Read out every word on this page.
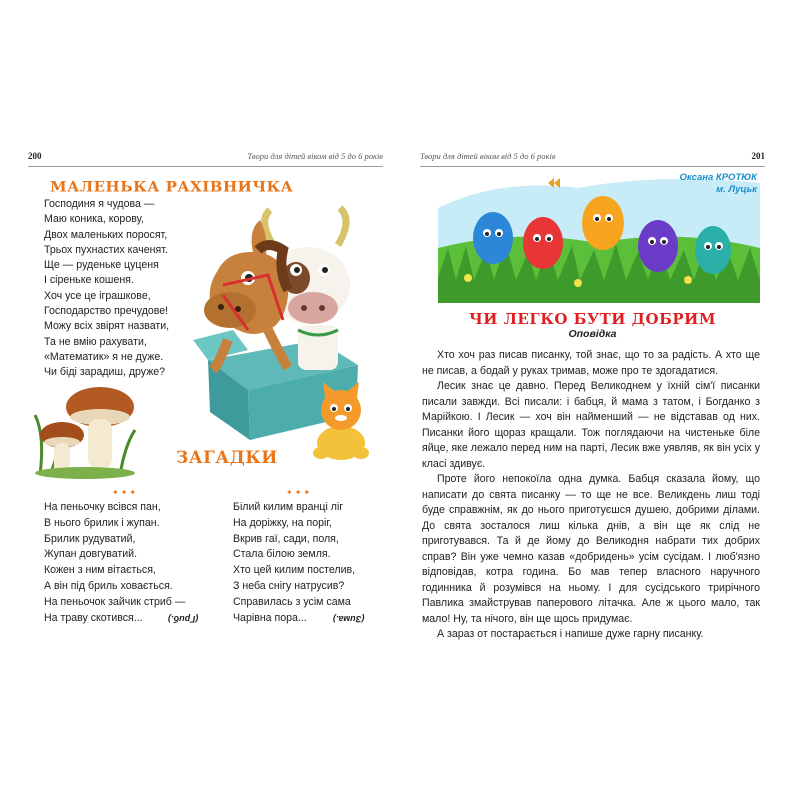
200	Твори для дітей віком від 5 до 6 років
МАЛЕНЬКА РАХІВНИЧКА
Господиня я чудова —
Маю коника, корову,
Двох маленьких поросят,
Трьох пухнастих каченят.
Ще — руденьке цуценя
І сіреньке кошеня.
Хоч усе це іграшкове,
Господарство пречудове!
Можу всіх звірят назвати,
Та не вмію рахувати,
«Математик» я не дуже.
Чи біді зарадиш, друже?
ЗАГАДКИ
✦✦✦	✦✦✦
На пеньочку всівся пан,
В нього брилик і жупан.
Брилик рудуватий,
Жупан довгуватий.
Кожен з ним вітається,
А він під бриль ховається.
На пеньочок зайчик стриб —
На траву скотився...	(Гриб.)
Білий килим вранці ліг
На доріжку, на поріг,
Вкрив гаї, сади, поля,
Стала білою земля.
Хто цей килим постелив,
З неба снігу натрусив?
Справилась з усім сама
Чарівна пора...	(Зима.)
Твори для дітей віком від 5 до 6 років	201
Оксана КРОТЮК
м. Луцьк
ЧИ ЛЕГКО БУТИ ДОБРИМ
Оповідка

Хто хоч раз писав писанку, той знає, що то за радість. А хто ще не писав, а бодай у руках тримав, може про те здогадатися.

Лесик знає це давно. Перед Великоднем у їхній сім'ї писанки писали завжди. Всі писали: і бабця, й мама з татом, і Богданко з Марійкою. І Лесик — хоч він найменший — не відставав од них. Писанки його щораз кращали. Тож поглядаючи на чистеньке біле яйце, яке лежало перед ним на парті, Лесик вже уявляв, як він усіх у класі здивує.

Проте його непокоїла одна думка. Бабця сказала йому, що написати до свята писанку — то ще не все. Великдень лиш тоді буде справжнім, як до нього приготуєшся душею, добрими ділами. До свята зосталося лиш кілька днів, а він ще як слід не приготувався. Та й де йому до Великодня набрати тих добрих справ? Він уже чемно казав «добридень» усім сусідам. І люб'язно відповідав, котра година. Бо мав тепер власного наручного годинника й розумівся на ньому. І для сусідського трирічного Павлика змайстрував паперового літачка. Але ж цього мало, так мало! Ну, та нічого, він ще щось придумає.

А зараз от постарається і напише дуже гарну писанку.
